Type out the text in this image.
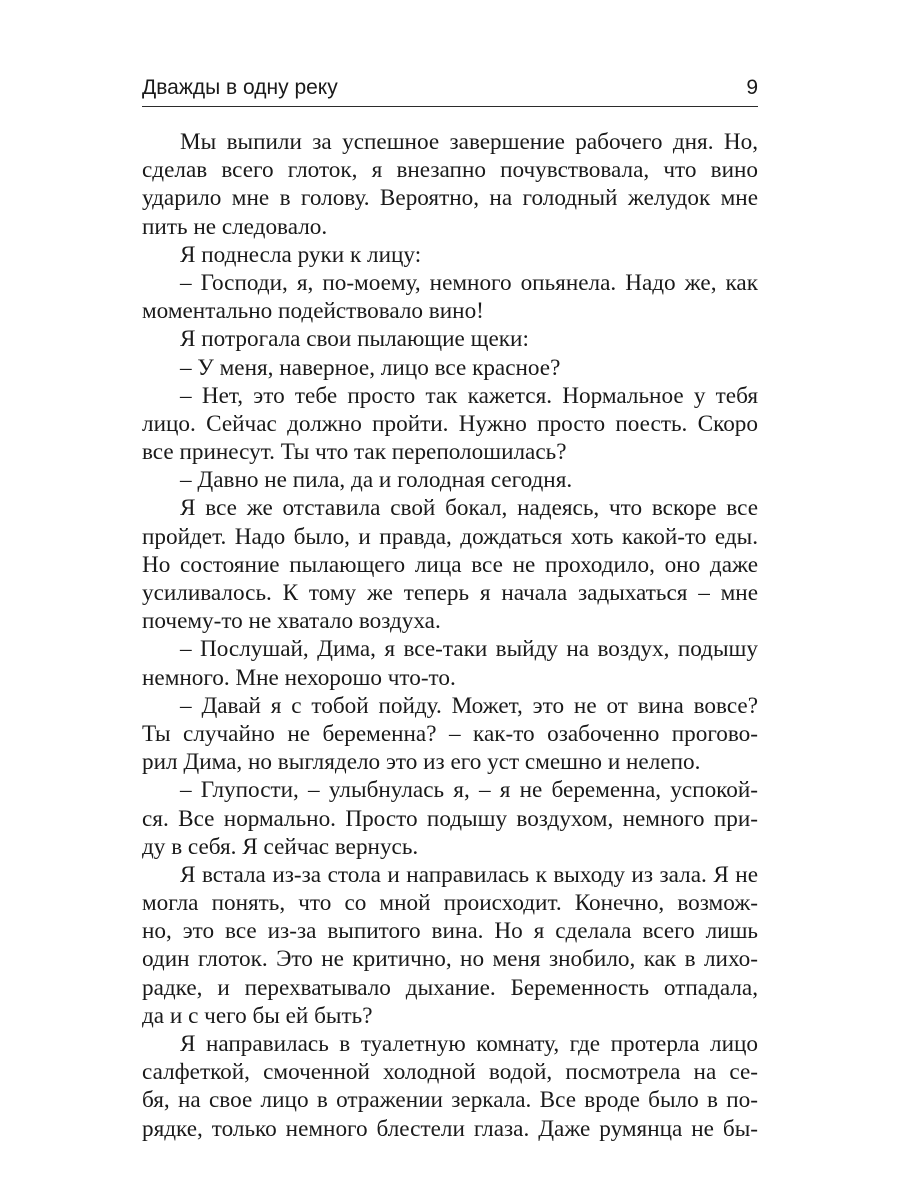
Дважды в одну реку	9
Мы выпили за успешное завершение рабочего дня. Но,
сделав всего глоток, я внезапно почувствовала, что вино
ударило мне в голову. Вероятно, на голодный желудок мне
пить не следовало.
Я поднесла руки к лицу:
– Господи, я, по-моему, немного опьянела. Надо же, как
моментально подействовало вино!
Я потрогала свои пылающие щеки:
– У меня, наверное, лицо все красное?
– Нет, это тебе просто так кажется. Нормальное у тебя
лицо. Сейчас должно пройти. Нужно просто поесть. Скоро
все принесут. Ты что так переполошилась?
– Давно не пила, да и голодная сегодня.
Я все же отставила свой бокал, надеясь, что вскоре все
пройдет. Надо было, и правда, дождаться хоть какой-то еды.
Но состояние пылающего лица все не проходило, оно даже
усиливалось. К тому же теперь я начала задыхаться – мне
почему-то не хватало воздуха.
– Послушай, Дима, я все-таки выйду на воздух, подышу
немного. Мне нехорошо что-то.
– Давай я с тобой пойду. Может, это не от вина вовсе?
Ты случайно не беременна? – как-то озабоченно прогово-
рил Дима, но выглядело это из его уст смешно и нелепо.
– Глупости, – улыбнулась я, – я не беременна, успокой-
ся. Все нормально. Просто подышу воздухом, немного при-
ду в себя. Я сейчас вернусь.
Я встала из-за стола и направилась к выходу из зала. Я не
могла понять, что со мной происходит. Конечно, возмож-
но, это все из-за выпитого вина. Но я сделала всего лишь
один глоток. Это не критично, но меня знобило, как в лихо-
радке, и перехватывало дыхание. Беременность отпадала,
да и с чего бы ей быть?
Я направилась в туалетную комнату, где протерла лицо
салфеткой, смоченной холодной водой, посмотрела на се-
бя, на свое лицо в отражении зеркала. Все вроде было в по-
рядке, только немного блестели глаза. Даже румянца не бы-
